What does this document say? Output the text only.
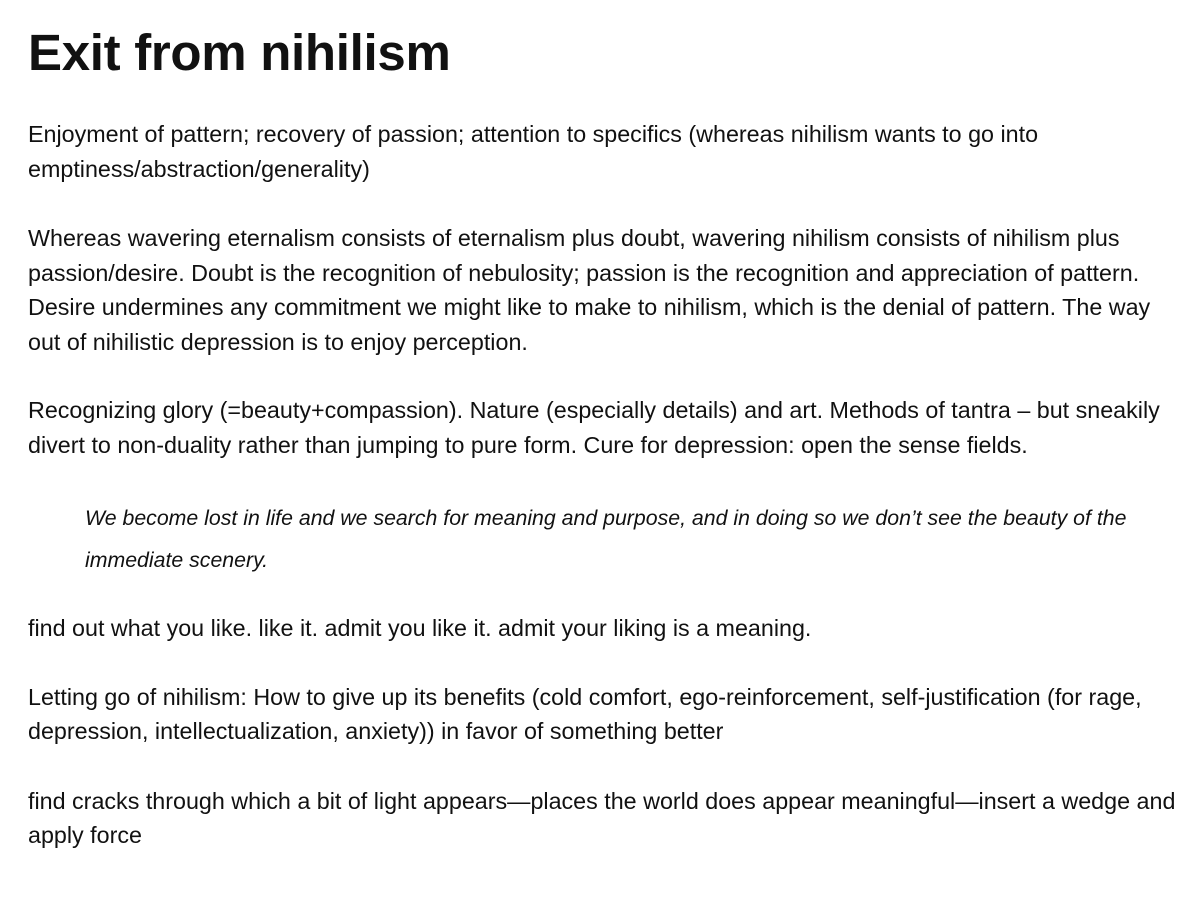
Exit from nihilism

Enjoyment of pattern; recovery of passion; attention to specifics (whereas nihilism wants to go into emptiness/abstraction/generality)

Whereas wavering eternalism consists of eternalism plus doubt, wavering nihilism consists of nihilism plus passion/desire. Doubt is the recognition of nebulosity; passion is the recognition and appreciation of pattern. Desire undermines any commitment we might like to make to nihilism, which is the denial of pattern. The way out of nihilistic depression is to enjoy perception.

Recognizing glory (=beauty+compassion). Nature (especially details) and art. Methods of tantra – but sneakily divert to non-duality rather than jumping to pure form. Cure for depression: open the sense fields.

We become lost in life and we search for meaning and purpose, and in doing so we don’t see the beauty of the immediate scenery.

find out what you like. like it. admit you like it. admit your liking is a meaning.

Letting go of nihilism: How to give up its benefits (cold comfort, ego-reinforcement, self-justification (for rage, depression, intellectualization, anxiety)) in favor of something better

find cracks through which a bit of light appears—places the world does appear meaningful—insert a wedge and apply force
